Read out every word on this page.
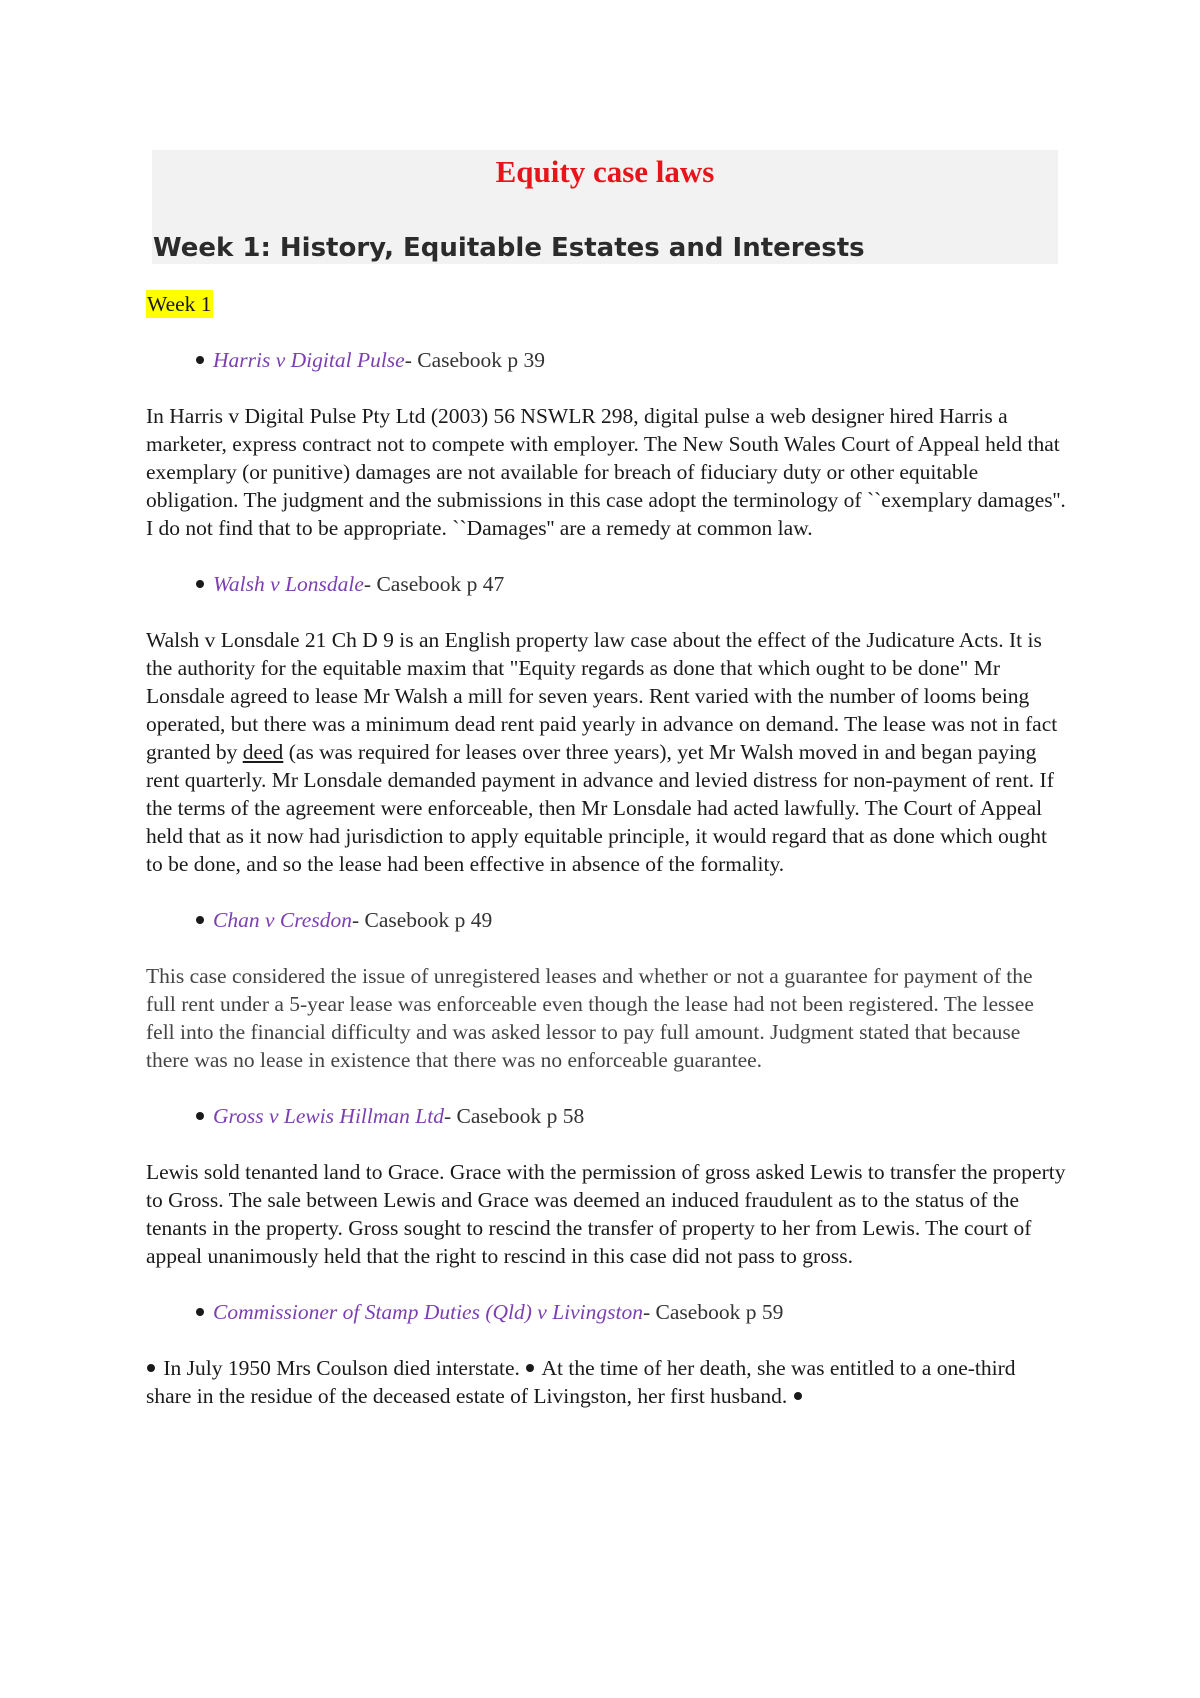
Equity case laws
Week 1: History, Equitable Estates and Interests
Week 1
Harris v Digital Pulse - Casebook p 39

In Harris v Digital Pulse Pty Ltd (2003) 56 NSWLR 298, digital pulse a web designer hired Harris a marketer, express contract not to compete with employer. The New South Wales Court of Appeal held that exemplary (or punitive) damages are not available for breach of fiduciary duty or other equitable obligation. The judgment and the submissions in this case adopt the terminology of ``exemplary damages''. I do not find that to be appropriate. ``Damages'' are a remedy at common law.

Walsh v Lonsdale - Casebook p 47

Walsh v Lonsdale 21 Ch D 9 is an English property law case about the effect of the Judicature Acts. It is the authority for the equitable maxim that "Equity regards as done that which ought to be done" Mr Lonsdale agreed to lease Mr Walsh a mill for seven years. Rent varied with the number of looms being operated, but there was a minimum dead rent paid yearly in advance on demand. The lease was not in fact granted by deed (as was required for leases over three years), yet Mr Walsh moved in and began paying rent quarterly. Mr Lonsdale demanded payment in advance and levied distress for non-payment of rent. If the terms of the agreement were enforceable, then Mr Lonsdale had acted lawfully. The Court of Appeal held that as it now had jurisdiction to apply equitable principle, it would regard that as done which ought to be done, and so the lease had been effective in absence of the formality.

Chan v Cresdon - Casebook p 49

This case considered the issue of unregistered leases and whether or not a guarantee for payment of the full rent under a 5-year lease was enforceable even though the lease had not been registered. The lessee fell into the financial difficulty and was asked lessor to pay full amount. Judgment stated that because there was no lease in existence that there was no enforceable guarantee.

Gross v Lewis Hillman Ltd - Casebook p 58

Lewis sold tenanted land to Grace. Grace with the permission of gross asked Lewis to transfer the property to Gross. The sale between Lewis and Grace was deemed an induced fraudulent as to the status of the tenants in the property. Gross sought to rescind the transfer of property to her from Lewis. The court of appeal unanimously held that the right to rescind in this case did not pass to gross.

Commissioner of Stamp Duties (Qld) v Livingston - Casebook p 59

In July 1950 Mrs Coulson died interstate. At the time of her death, she was entitled to a one-third share in the residue of the deceased estate of Livingston, her first husband.
